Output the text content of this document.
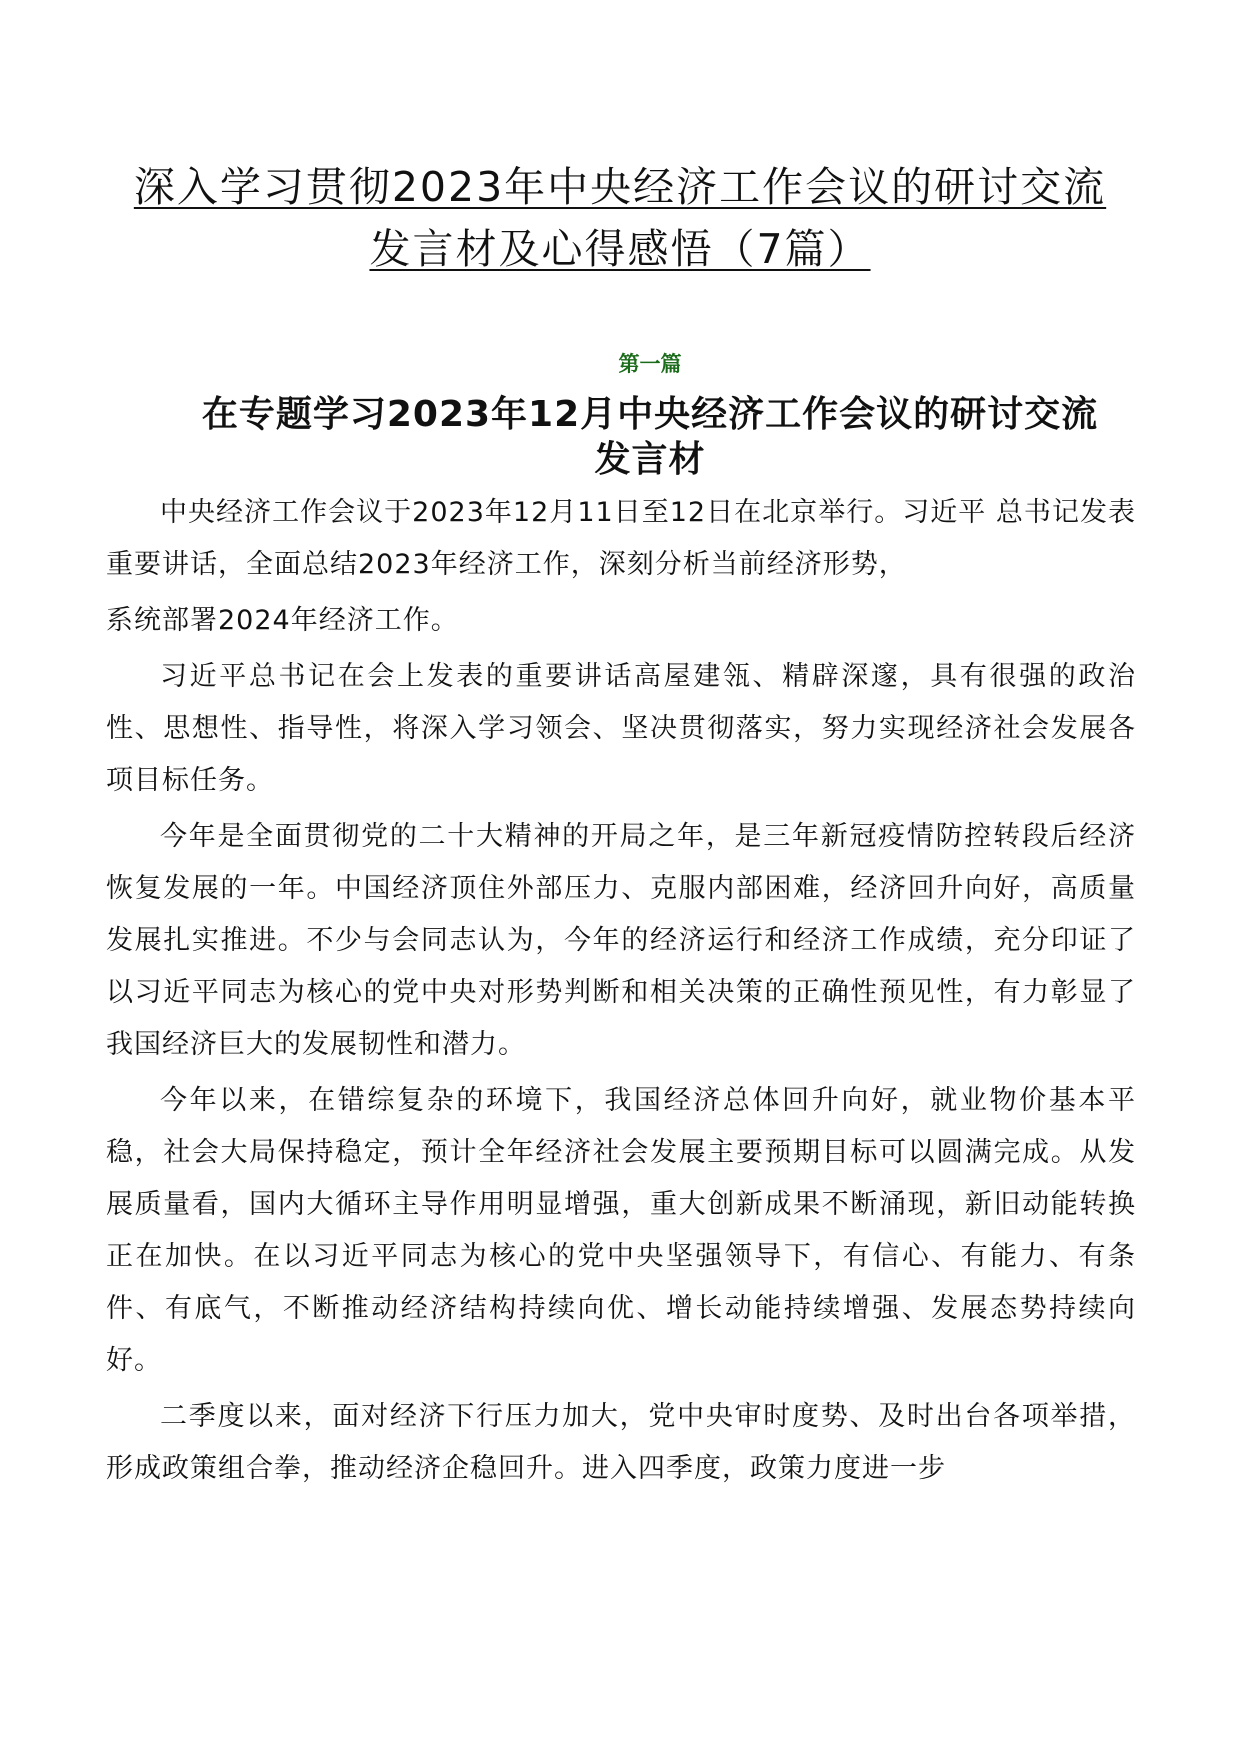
深入学习贯彻2023年中央经济工作会议的研讨交流
发言材及心得感悟（7篇）
第一篇
在专题学习2023年12月中央经济工作会议的研讨交流
发言材

中央经济工作会议于2023年12月11日至12日在北京举行。习近平 总书记发表重要讲话，全面总结2023年经济工作，深刻分析当前经济形势，

系统部署2024年经济工作。

习近平总书记在会上发表的重要讲话高屋建瓴、精辟深邃，具有很强的政治性、思想性、指导性，将深入学习领会、坚决贯彻落实，努力实现经济社会发展各项目标任务。

今年是全面贯彻党的二十大精神的开局之年，是三年新冠疫情防控转段后经济恢复发展的一年。中国经济顶住外部压力、克服内部困难，经济回升向好，高质量发展扎实推进。不少与会同志认为，今年的经济运行和经济工作成绩，充分印证了以习近平同志为核心的党中央对形势判断和相关决策的正确性预见性，有力彰显了我国经济巨大的发展韧性和潜力。

今年以来，在错综复杂的环境下，我国经济总体回升向好，就业物价基本平稳，社会大局保持稳定，预计全年经济社会发展主要预期目标可以圆满完成。从发展质量看，国内大循环主导作用明显增强，重大创新成果不断涌现，新旧动能转换正在加快。在以习近平同志为核心的党中央坚强领导下，有信心、有能力、有条件、有底气，不断推动经济结构持续向优、增长动能持续增强、发展态势持续向好。

二季度以来，面对经济下行压力加大，党中央审时度势、及时出台各项举措，形成政策组合拳，推动经济企稳回升。进入四季度，政策力度进一步
